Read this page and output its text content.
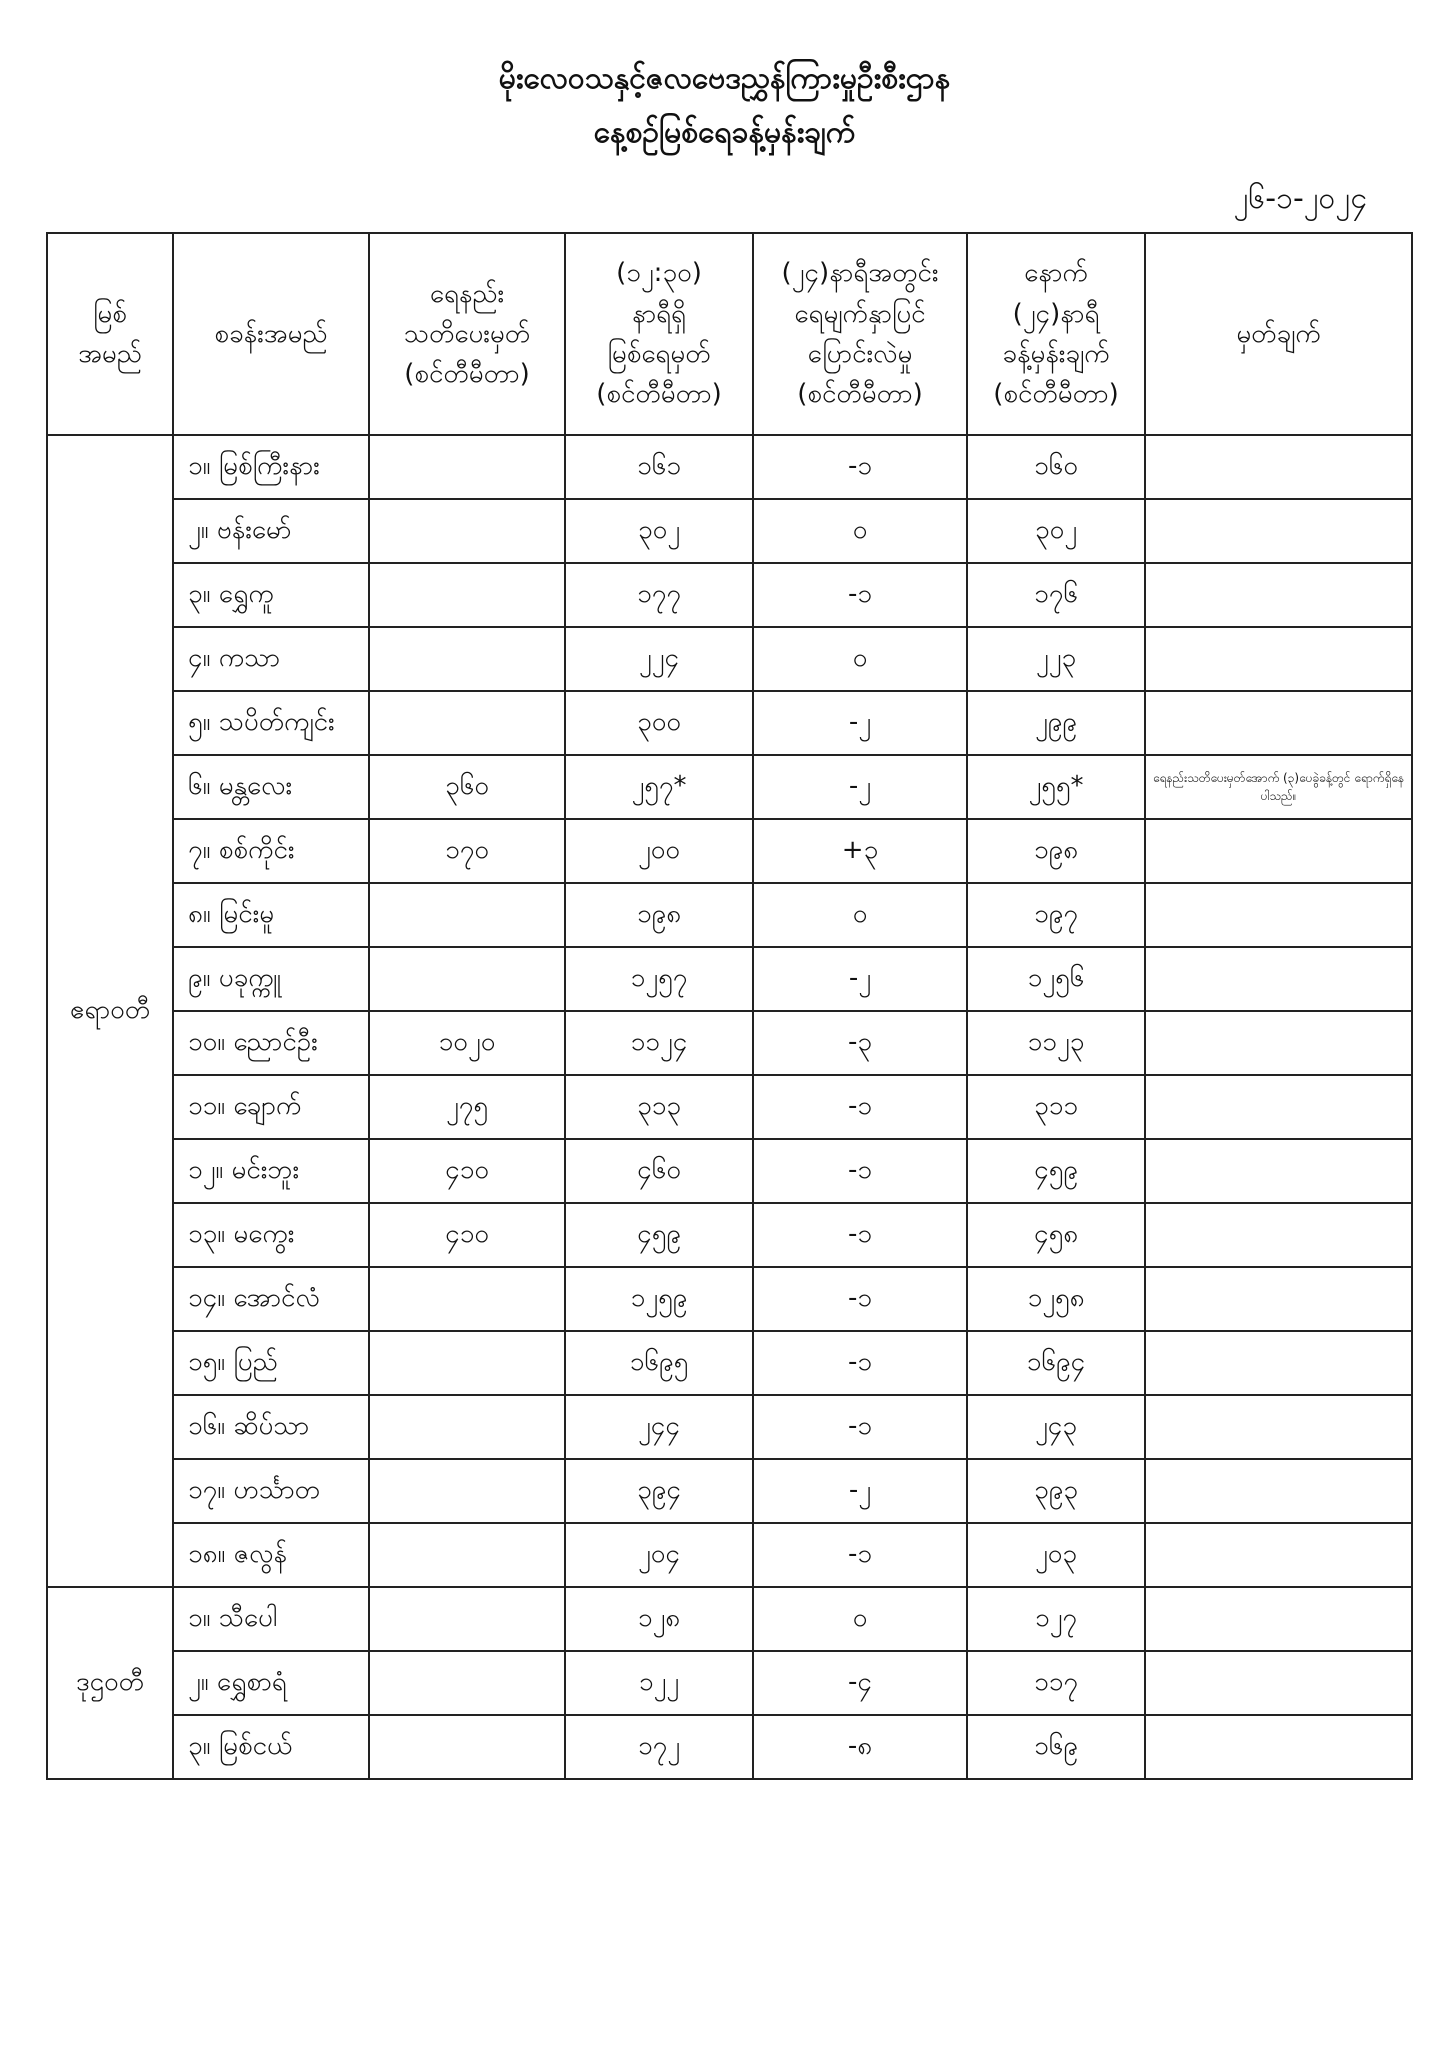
မိုးလေဝသနှင့်ဇလဗေဒညွှန်ကြားမှုဦးစီးဌာန
နေ့စဉ်မြစ်ရေခန့်မှန်းချက်
၂၆-၁-၂၀၂၄
မြစ်
အမည်	စခန်းအမည်	ရေနည်း
သတိပေးမှတ်
(စင်တီမီတာ)	(၁၂:၃၀)
နာရီရှိ
မြစ်ရေမှတ်
(စင်တီမီတာ)	(၂၄)နာရီအတွင်း
ရေမျက်နှာပြင်
ပြောင်းလဲမှု
(စင်တီမီတာ)	နောက်
(၂၄)နာရီ
ခန့်မှန်းချက်
(စင်တီမီတာ)	မှတ်ချက်

ဧရာဝတီ	၁။ မြစ်ကြီးနား		၁၆၁	-၁	၁၆၀	
	၂။ ဗန်းမော်		၃၀၂	၀	၃၀၂	
	၃။ ရွှေကူ		၁၇၇	-၁	၁၇၆	
	၄။ ကသာ		၂၂၄	၀	၂၂၃	
	၅။ သပိတ်ကျင်း		၃၀၀	-၂	၂၉၉	
	၆။ မန္တလေး	၃၆၀	၂၅၇*	-၂	၂၅၅*	ရေနည်းသတိပေးမှတ်အောက် (၃)ပေခွဲခန့်တွင် ရောက်ရှိနေပါသည်။
	၇။ စစ်ကိုင်း	၁၇၀	၂၀၀	+၃	၁၉၈	
	၈။ မြင်းမူ		၁၉၈	၀	၁၉၇	
	၉။ ပခုက္ကူ		၁၂၅၇	-၂	၁၂၅၆	
	၁၀။ ညောင်ဦး	၁၀၂၀	၁၁၂၄	-၃	၁၁၂၃	
	၁၁။ ချောက်	၂၇၅	၃၁၃	-၁	၃၁၁	
	၁၂။ မင်းဘူး	၄၁၀	၄၆၀	-၁	၄၅၉	
	၁၃။ မကွေး	၄၁၀	၄၅၉	-၁	၄၅၈	
	၁၄။ အောင်လံ		၁၂၅၉	-၁	၁၂၅၈	
	၁၅။ ပြည်		၁၆၉၅	-၁	၁၆၉၄	
	၁၆။ ဆိပ်သာ		၂၄၄	-၁	၂၄၃	
	၁၇။ ဟင်္သာတ		၃၉၄	-၂	၃၉၃	
	၁၈။ ဇလွန်		၂၀၄	-၁	၂၀၃	
ဒုဌဝတီ	၁။ သီပေါ		၁၂၈	၀	၁၂၇	
	၂။ ရွှေစာရံ		၁၂၂	-၄	၁၁၇	
	၃။ မြစ်ငယ်		၁၇၂	-၈	၁၆၉	
